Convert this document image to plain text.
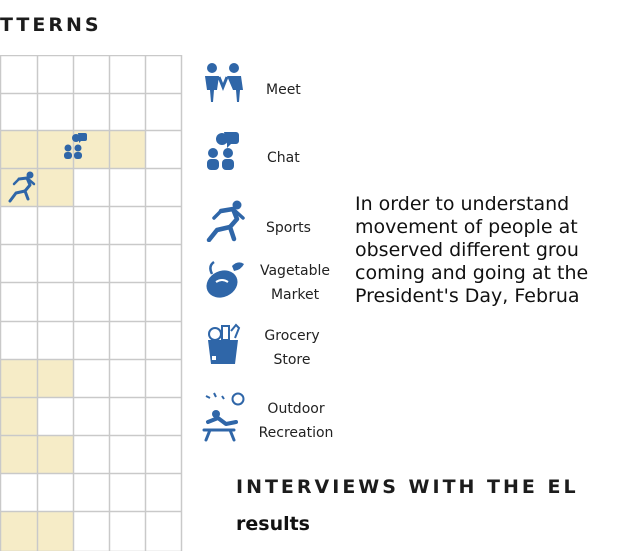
TTERNS
Meet
Chat
Sports
Vagetable
Market
Grocery
Store
Outdoor
Recreation
In order to understand
movement of people at
observed different grou
coming and going at the
President's Day, Februa
INTERVIEWS WITH THE EL
results
